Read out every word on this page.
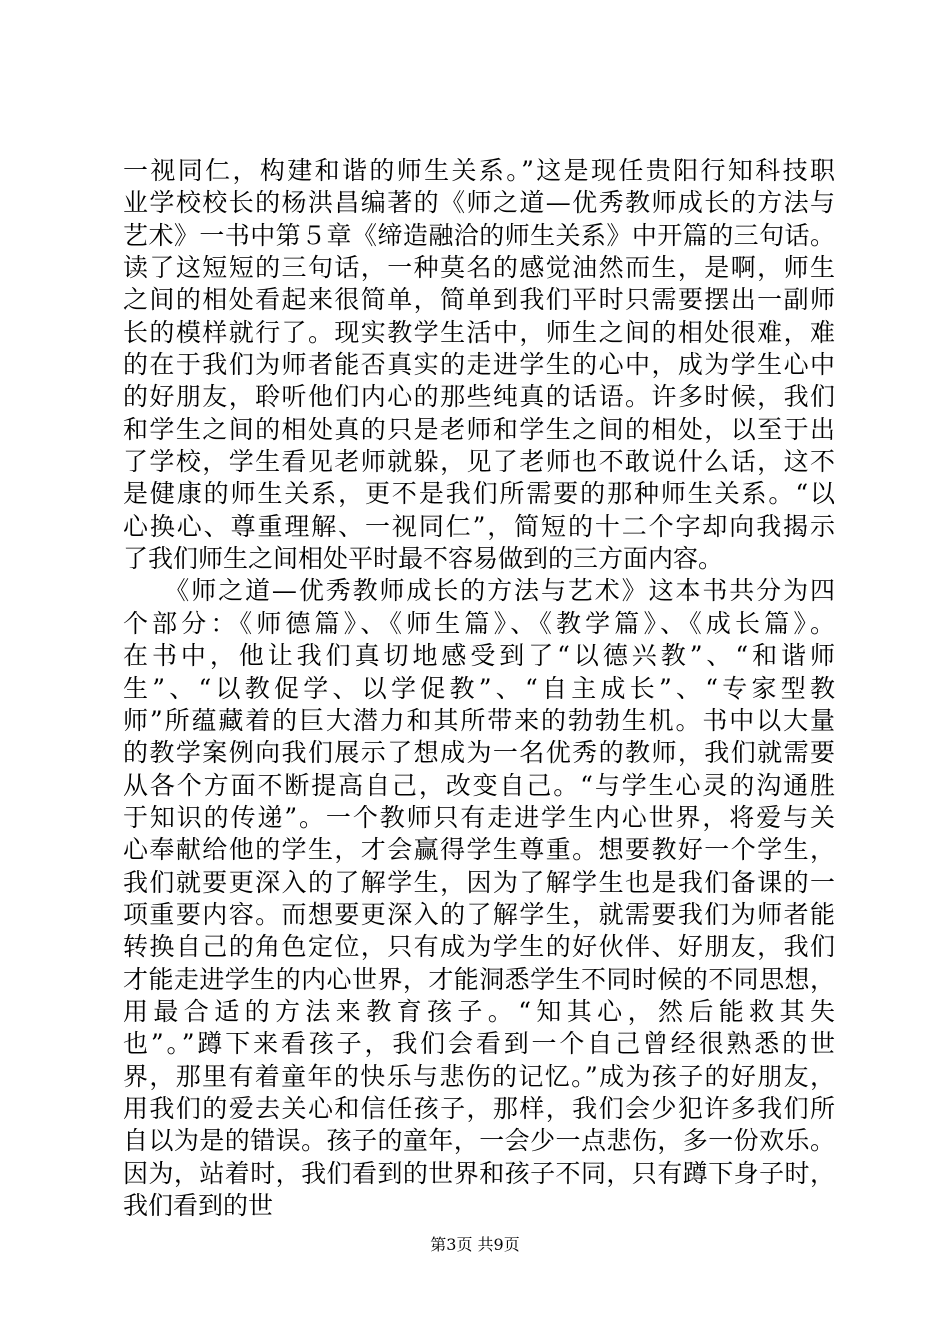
一视同仁，构建和谐的师生关系。”这是现任贵阳行知科技职
业学校校长的杨洪昌编著的《师之道—优秀教师成长的方法与
艺术》一书中第５章《缔造融洽的师生关系》中开篇的三句话。
读了这短短的三句话，一种莫名的感觉油然而生，是啊，师生
之间的相处看起来很简单，简单到我们平时只需要摆出一副师
长的模样就行了。现实教学生活中，师生之间的相处很难，难
的在于我们为师者能否真实的走进学生的心中，成为学生心中
的好朋友，聆听他们内心的那些纯真的话语。许多时候，我们
和学生之间的相处真的只是老师和学生之间的相处，以至于出
了学校，学生看见老师就躲，见了老师也不敢说什么话，这不
是健康的师生关系，更不是我们所需要的那种师生关系。“以
心换心、尊重理解、一视同仁”，简短的十二个字却向我揭示
了我们师生之间相处平时最不容易做到的三方面内容。
　　《师之道—优秀教师成长的方法与艺术》这本书共分为四
个部分：《师德篇》、《师生篇》、《教学篇》、《成长篇》。
在书中，他让我们真切地感受到了“以德兴教”、“和谐师
生”、“以教促学、以学促教”、“自主成长”、“专家型教
师”所蕴藏着的巨大潜力和其所带来的勃勃生机。书中以大量
的教学案例向我们展示了想成为一名优秀的教师，我们就需要
从各个方面不断提高自己，改变自己。“与学生心灵的沟通胜
于知识的传递”。一个教师只有走进学生内心世界，将爱与关
心奉献给他的学生，才会赢得学生尊重。想要教好一个学生，
我们就要更深入的了解学生，因为了解学生也是我们备课的一
项重要内容。而想要更深入的了解学生，就需要我们为师者能
转换自己的角色定位，只有成为学生的好伙伴、好朋友，我们
才能走进学生的内心世界，才能洞悉学生不同时候的不同思想，
用最合适的方法来教育孩子。“知其心，然后能救其失
也”。”蹲下来看孩子，我们会看到一个自己曾经很熟悉的世
界，那里有着童年的快乐与悲伤的记忆。”成为孩子的好朋友，
用我们的爱去关心和信任孩子，那样，我们会少犯许多我们所
自以为是的错误。孩子的童年，一会少一点悲伤，多一份欢乐。
因为，站着时，我们看到的世界和孩子不同，只有蹲下身子时，
我们看到的世
第3页 共9页
